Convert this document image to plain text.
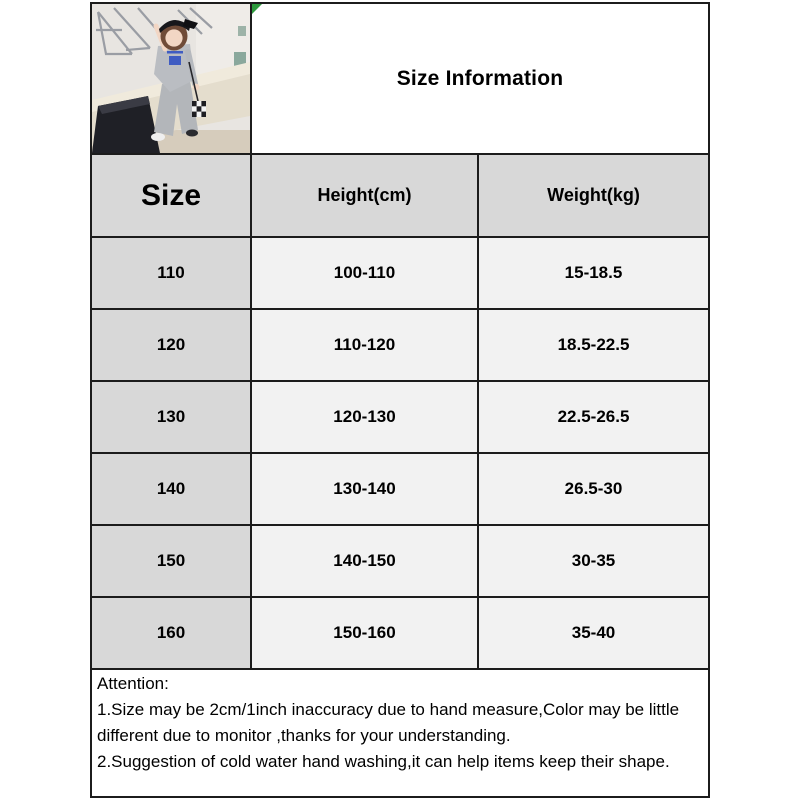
Size Information
Size	Height(cm)	Weight(kg)
110	100-110	15-18.5
120	110-120	18.5-22.5
130	120-130	22.5-26.5
140	130-140	26.5-30
150	140-150	30-35
160	150-160	35-40

Attention:

1.Size may be 2cm/1inch inaccuracy due to hand measure,Color may be little different due to monitor ,thanks for your understanding.

2.Suggestion of cold water hand washing,it can help items keep their shape.
